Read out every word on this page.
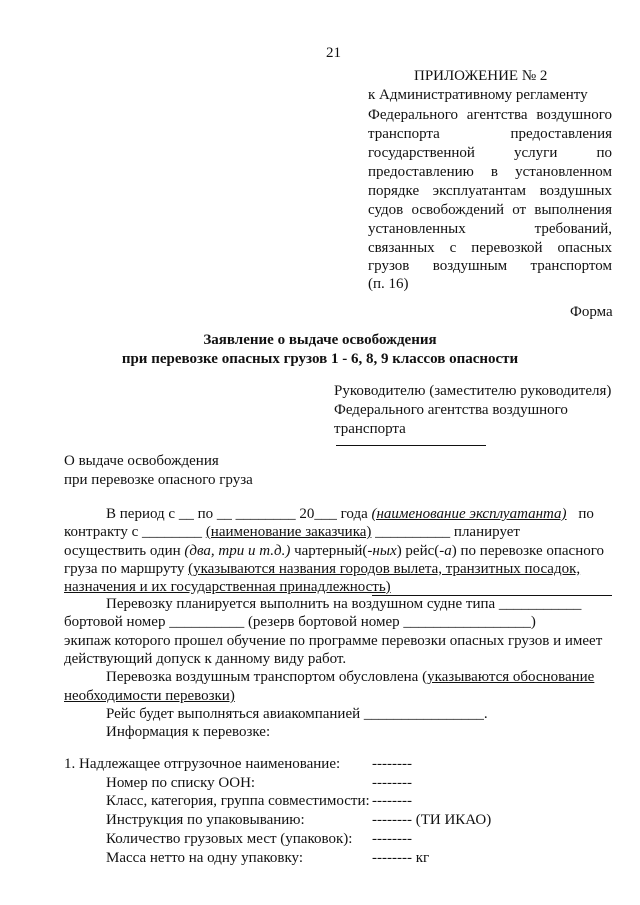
21
ПРИЛОЖЕНИЕ № 2
к Административному регламенту
Федерального агентства воздушного
транспорта предоставления
государственной услуги по
предоставлению в установленном
порядке эксплуатантам воздушных
судов освобождений от выполнения
установленных требований,
связанных с перевозкой опасных
грузов воздушным транспортом
(п. 16)
Форма
Заявление о выдаче освобождения
при перевозке опасных грузов 1 - 6, 8, 9 классов опасности
Руководителю (заместителю руководителя)
Федерального агентства воздушного
транспорта
О выдаче освобождения
при перевозке опасного груза
В период с __ по __ ________ 20___ года (наименование эксплуатанта) по
контракту с ________ (наименование заказчика) __________ планирует
осуществить один (два, три и т.д.) чартерный(-ных) рейс(-а) по перевозке опасного
груза по маршруту (указываются названия городов вылета, транзитных посадок,
назначения и их государственная принадлежность)
Перевозку планируется выполнить на воздушном судне типа ___________
бортовой номер __________ (резерв бортовой номер _________________)
экипаж которого прошел обучение по программе перевозки опасных грузов и имеет
действующий допуск к данному виду работ.
Перевозка воздушным транспортом обусловлена (указываются обоснование
необходимости перевозки)
Рейс будет выполняться авиакомпанией ________________.
Информация к перевозке:
1. Надлежащее отгрузочное наименование: --------
Номер по списку ООН:	--------
Класс, категория, группа совместимости: --------
Инструкция по упаковыванию:	-------- (ТИ ИКАО)
Количество грузовых мест (упаковок): --------
Масса нетто на одну упаковку:	-------- кг
